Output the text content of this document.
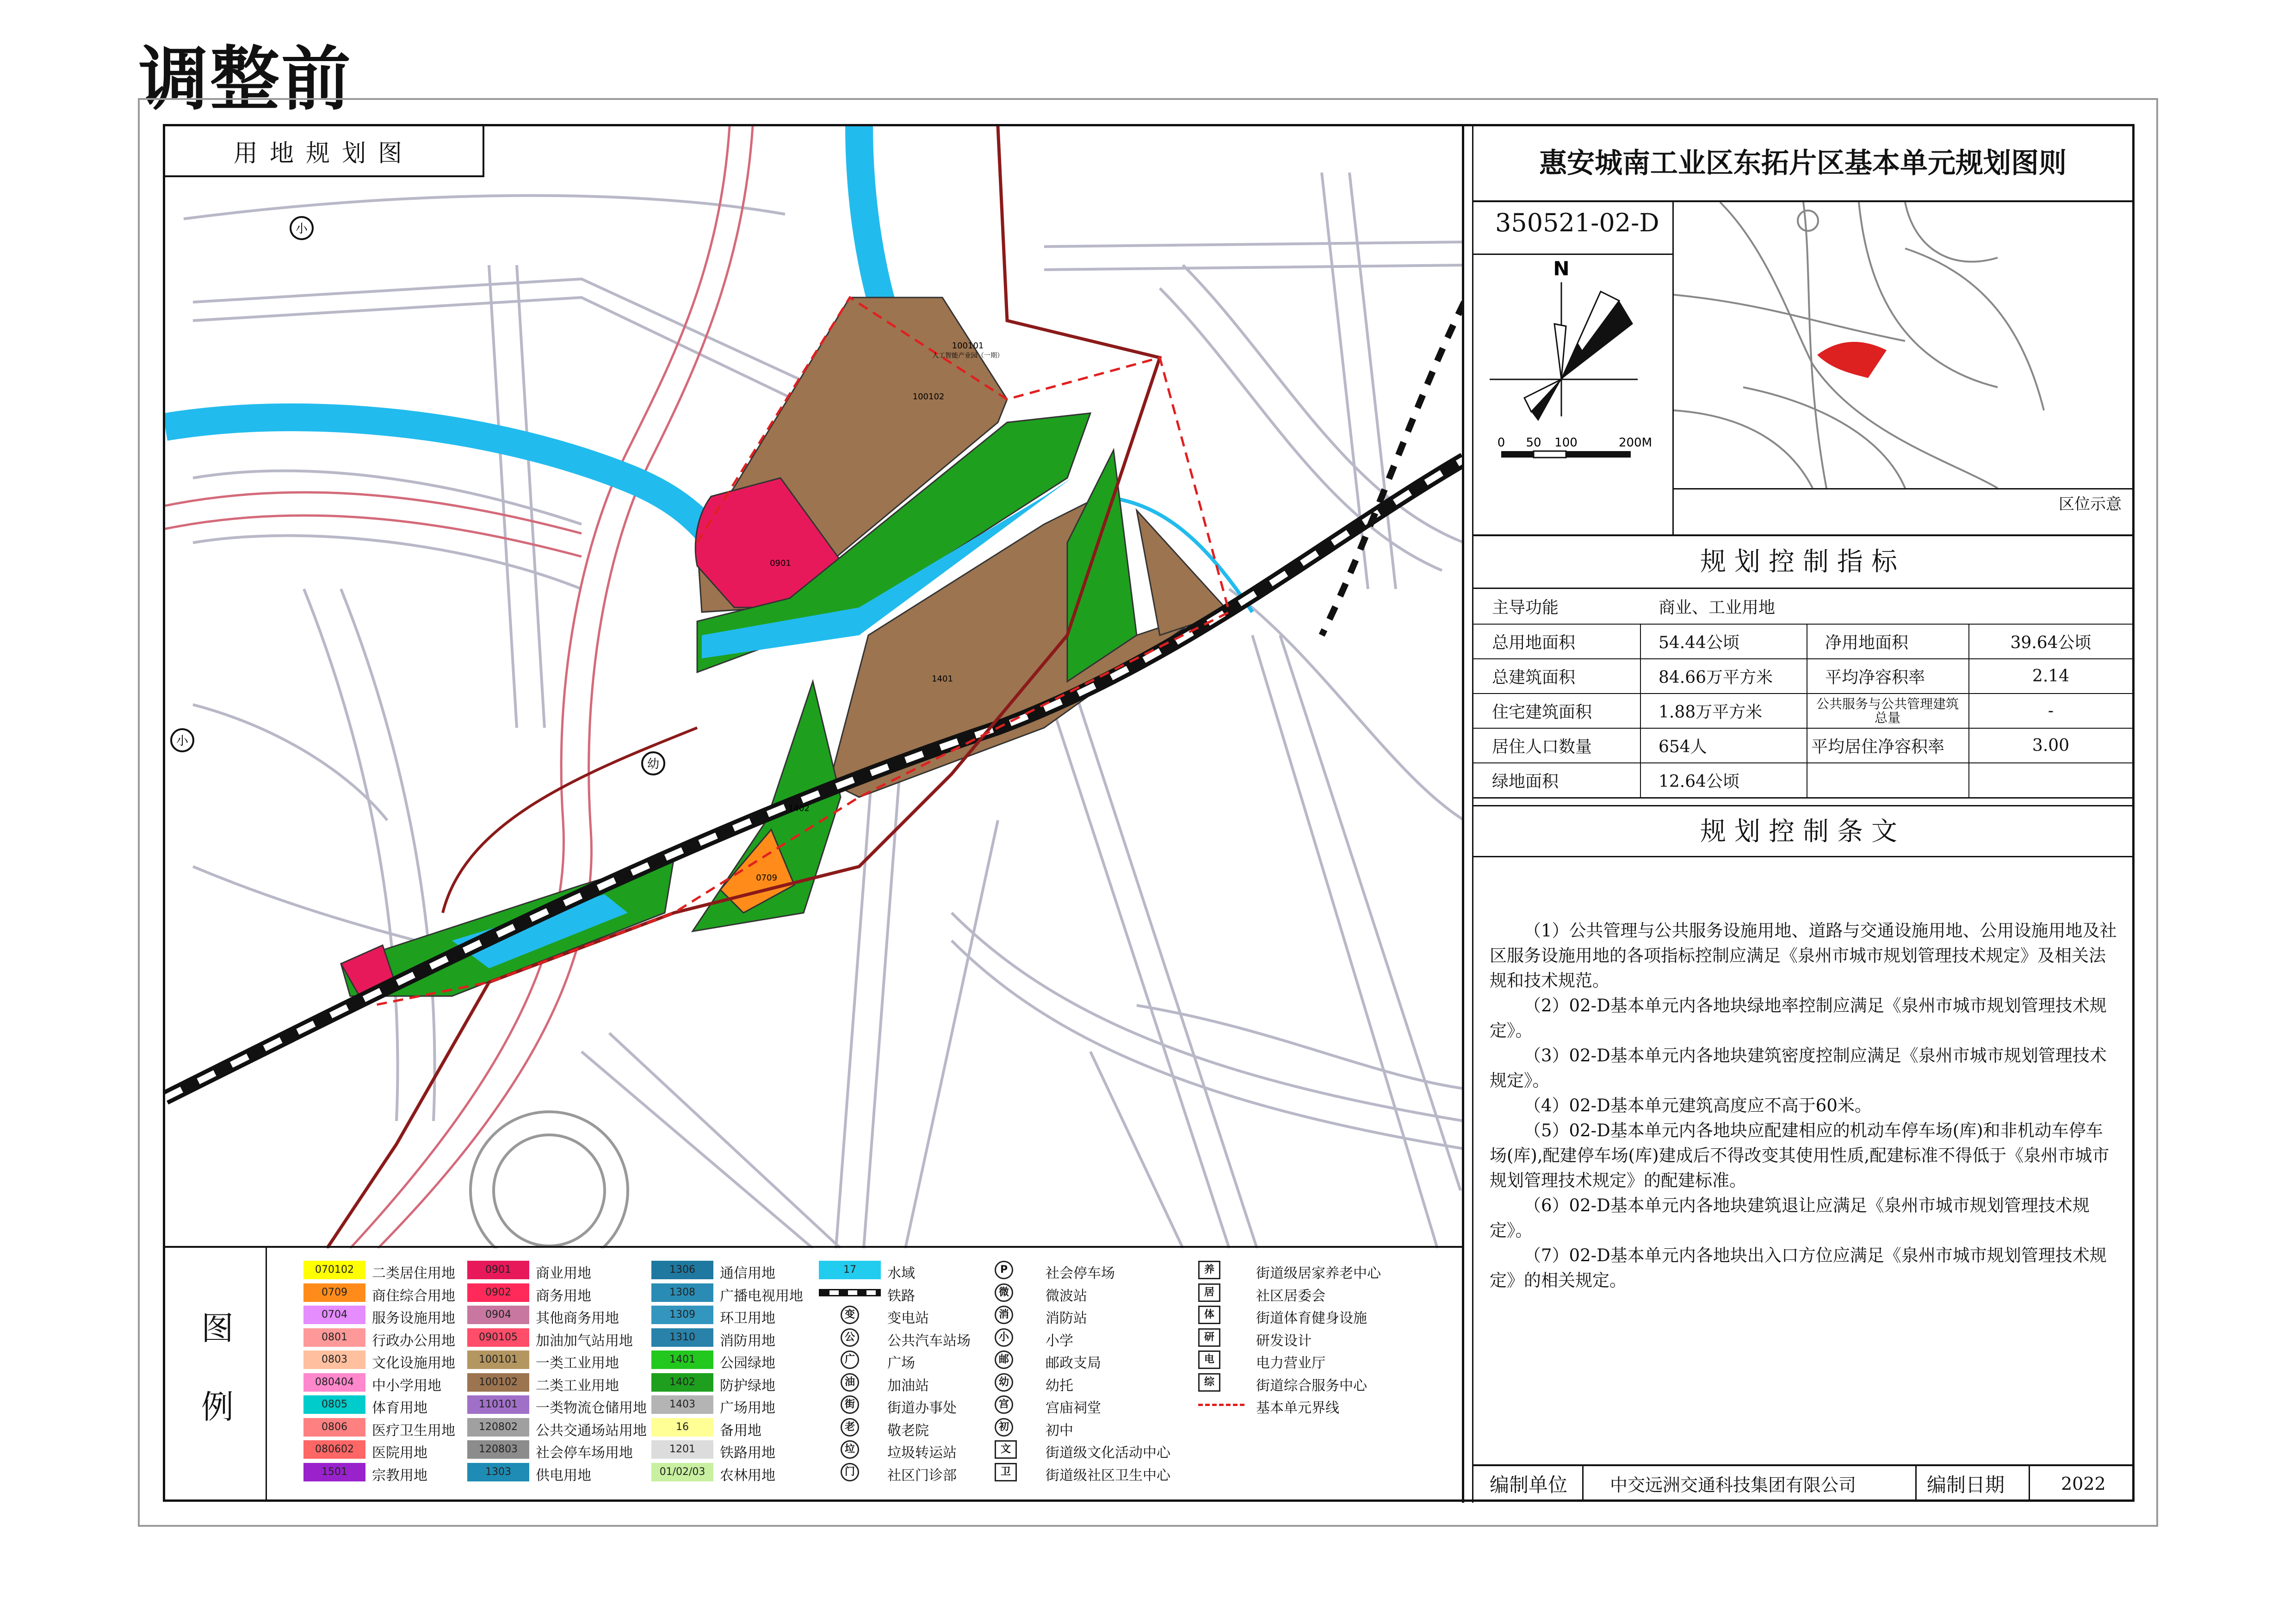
调整前
小
小
幼
100101
人工智能产业园（一期）
100102
0901
0709
1402
1401
用地规划图
图
例
070102	二类居住用地
0709	商住综合用地
0704	服务设施用地
0801	行政办公用地
0803	文化设施用地
080404	中小学用地
0805	体育用地
0806	医疗卫生用地
080602	医院用地
1501	宗教用地
0901	商业用地
0902	商务用地
0904	其他商务用地
090105	加油加气站用地
100101	一类工业用地
100102	二类工业用地
110101	一类物流仓储用地
120802	公共交通场站用地
120803	社会停车场用地
1303	供电用地
1306	通信用地
1308	广播电视用地
1309	环卫用地
1310	消防用地
1401	公园绿地
1402	防护绿地
1403	广场用地
16	备用地
1201	铁路用地
01/02/03	农林用地
17	水域
铁路
变	变电站
公	公共汽车站场
广	广场
油	加油站
街	街道办事处
老	敬老院
垃	垃圾转运站
门	社区门诊部
P	社会停车场
微	微波站
消	消防站
小	小学
邮	邮政支局
幼	幼托
宫	宫庙祠堂
初	初中
文	街道级文化活动中心
卫	街道级社区卫生中心
养	街道级居家养老中心
居	社区居委会
体	街道体育健身设施
研	研发设计
电	电力营业厅
综	街道综合服务中心
基本单元界线
惠安城南工业区东拓片区基本单元规划图则
350521-02-D
N
0 50 100	200M
区位示意
规划控制指标
主导功能	商业、工业用地
总用地面积	54.44公顷	净用地面积	39.64公顷
总建筑面积	84.66万平方米	平均净容积率	2.14
住宅建筑面积	1.88万平方米	公共服务与公共管理建筑总量	-
居住人口数量	654人	平均居住净容积率	3.00
绿地面积	12.64公顷
规划控制条文
（1）公共管理与公共服务设施用地、道路与交通设施用地、公用设施用地及社区服务设施用地的各项指标控制应满足《泉州市城市规划管理技术规定》及相关法规和技术规范。
（2）02-D基本单元内各地块绿地率控制应满足《泉州市城市规划管理技术规定》。
（3）02-D基本单元内各地块建筑密度控制应满足《泉州市城市规划管理技术规定》。
（4）02-D基本单元建筑高度应不高于60米。
（5）02-D基本单元内各地块应配建相应的机动车停车场(库)和非机动车停车场(库),配建停车场(库)建成后不得改变其使用性质,配建标准不得低于《泉州市城市规划管理技术规定》的配建标准。
（6）02-D基本单元内各地块建筑退让应满足《泉州市城市规划管理技术规定》。
（7）02-D基本单元内各地块出入口方位应满足《泉州市城市规划管理技术规定》的相关规定。
编制单位 中交远洲交通科技集团有限公司	编制日期	2022
